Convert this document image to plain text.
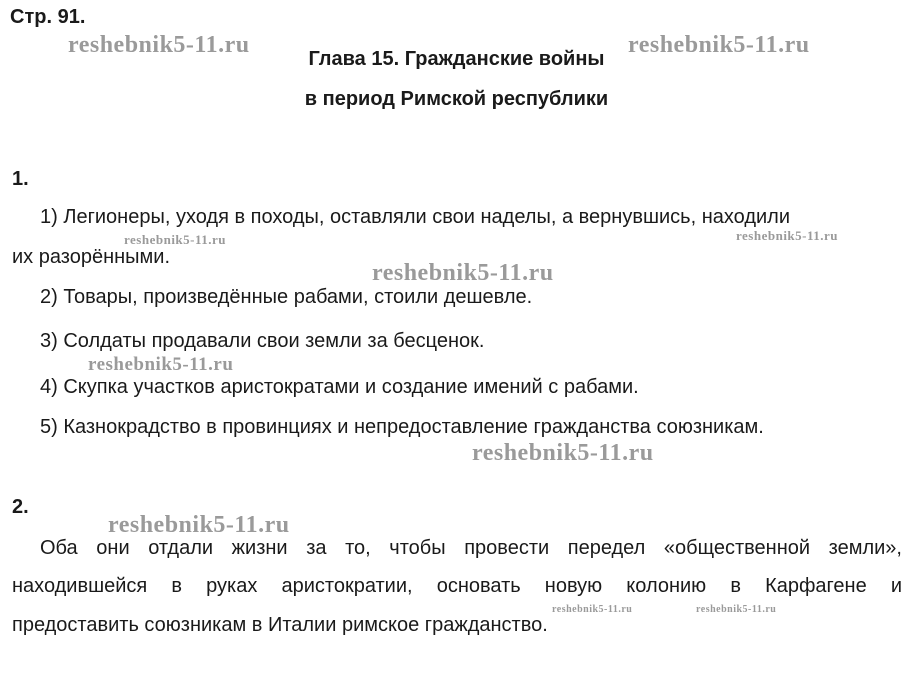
Стр. 91.
Глава 15. Гражданские войны
в период Римской республики
reshebnik5-11.ru	reshebnik5-11.ru
reshebnik5-11.ru	reshebnik5-11.ru
reshebnik5-11.ru
reshebnik5-11.ru
reshebnik5-11.ru
reshebnik5-11.ru
reshebnik5-11.ru	reshebnik5-11.ru
1.
1) Легионеры, уходя в походы, оставляли свои наделы, а вернувшись, находили
их разорёнными.
2) Товары, произведённые рабами, стоили дешевле.
3) Солдаты продавали свои земли за бесценок.
4) Скупка участков аристократами и создание имений с рабами.
5) Казнокрадство в провинциях и непредоставление гражданства союзникам.
2.
Оба они отдали жизни за то, чтобы провести передел «общественной земли»,
находившейся в руках аристократии, основать новую колонию в Карфагене и
предоставить союзникам в Италии римское гражданство.
